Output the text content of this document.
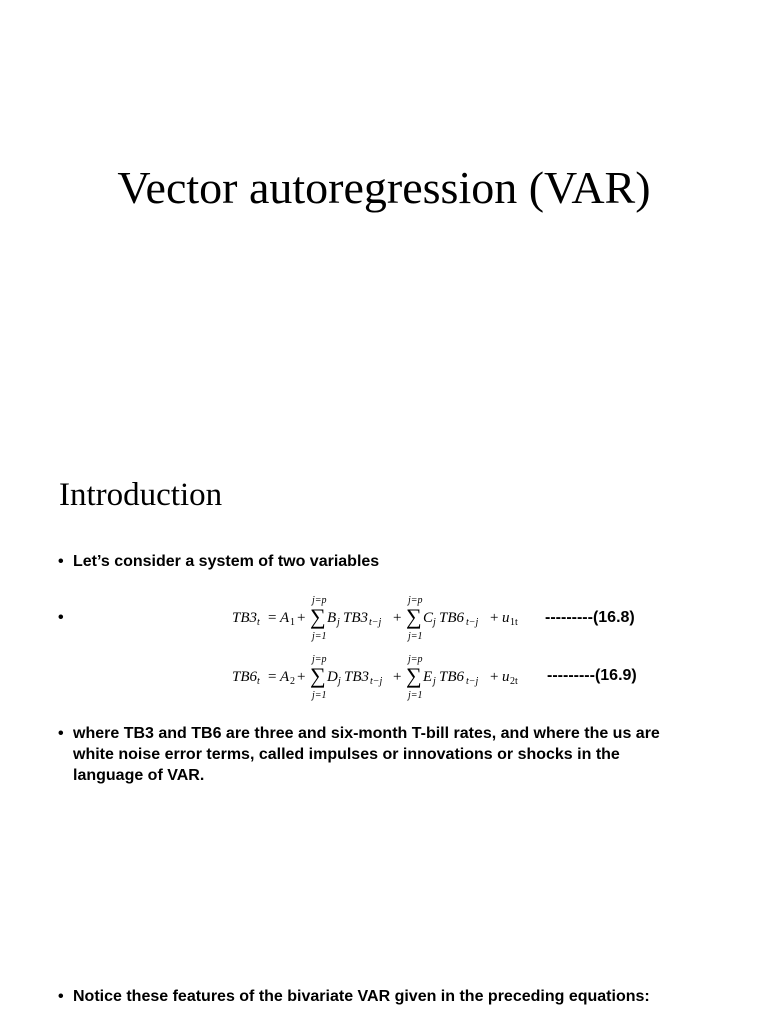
Vector autoregression (VAR)
Introduction
• Let’s consider a system of two variables
•	TB3 t = A 1 +
j=p
∑
j=1
B j TB3 t−j +
j=p
∑
j=1
C j TB6 t−j + u 1t ---------(16.8)
TB6 t = A 2 +
j=p
∑
j=1
D j TB3 t−j +
j=p
∑
j=1
E j TB6 t−j + u 2t ---------(16.9)
• where TB3 and TB6 are three and six-month T-bill rates, and where the us are white noise error terms, called impulses or innovations or shocks in the language of VAR.
• Notice these features of the bivariate VAR given in the preceding equations:
